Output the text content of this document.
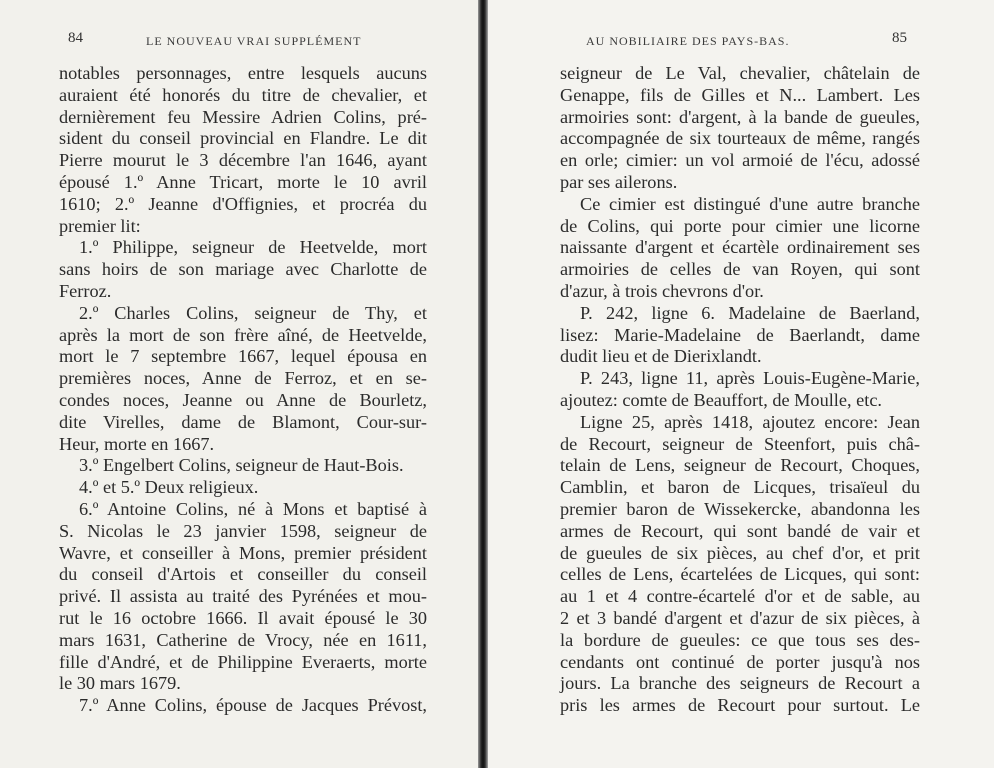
84	LE NOUVEAU VRAI SUPPLÉMENT
notables personnages, entre lesquels aucuns
auraient été honorés du titre de chevalier, et
dernièrement feu Messire Adrien Colins, pré-
sident du conseil provincial en Flandre. Le dit
Pierre mourut le 3 décembre l'an 1646, ayant
épousé 1.º Anne Tricart, morte le 10 avril
1610; 2.º Jeanne d'Offignies, et procréa du
premier lit:
1.º Philippe, seigneur de Heetvelde, mort
sans hoirs de son mariage avec Charlotte de
Ferroz.
2.º Charles Colins, seigneur de Thy, et
après la mort de son frère aîné, de Heetvelde,
mort le 7 septembre 1667, lequel épousa en
premières noces, Anne de Ferroz, et en se-
condes noces, Jeanne ou Anne de Bourletz,
dite Virelles, dame de Blamont, Cour-sur-
Heur, morte en 1667.
3.º Engelbert Colins, seigneur de Haut-Bois.
4.º et 5.º Deux religieux.
6.º Antoine Colins, né à Mons et baptisé à
S. Nicolas le 23 janvier 1598, seigneur de
Wavre, et conseiller à Mons, premier président
du conseil d'Artois et conseiller du conseil
privé. Il assista au traité des Pyrénées et mou-
rut le 16 octobre 1666. Il avait épousé le 30
mars 1631, Catherine de Vrocy, née en 1611,
fille d'André, et de Philippine Everaerts, morte
le 30 mars 1679.
7.º Anne Colins, épouse de Jacques Prévost,
AU NOBILIAIRE DES PAYS-BAS.	85
seigneur de Le Val, chevalier, châtelain de
Genappe, fils de Gilles et N... Lambert. Les
armoiries sont: d'argent, à la bande de gueules,
accompagnée de six tourteaux de même, rangés
en orle; cimier: un vol armoié de l'écu, adossé
par ses ailerons.
Ce cimier est distingué d'une autre branche
de Colins, qui porte pour cimier une licorne
naissante d'argent et écartèle ordinairement ses
armoiries de celles de van Royen, qui sont
d'azur, à trois chevrons d'or.
P. 242, ligne 6. Madelaine de Baerland,
lisez: Marie-Madelaine de Baerlandt, dame
dudit lieu et de Dierixlandt.
P. 243, ligne 11, après Louis-Eugène-Marie,
ajoutez: comte de Beauffort, de Moulle, etc.
Ligne 25, après 1418, ajoutez encore: Jean
de Recourt, seigneur de Steenfort, puis châ-
telain de Lens, seigneur de Recourt, Choques,
Camblin, et baron de Licques, trisaïeul du
premier baron de Wissekercke, abandonna les
armes de Recourt, qui sont bandé de vair et
de gueules de six pièces, au chef d'or, et prit
celles de Lens, écartelées de Licques, qui sont:
au 1 et 4 contre-écartelé d'or et de sable, au
2 et 3 bandé d'argent et d'azur de six pièces, à
la bordure de gueules: ce que tous ses des-
cendants ont continué de porter jusqu'à nos
jours. La branche des seigneurs de Recourt a
pris les armes de Recourt pour surtout. Le
